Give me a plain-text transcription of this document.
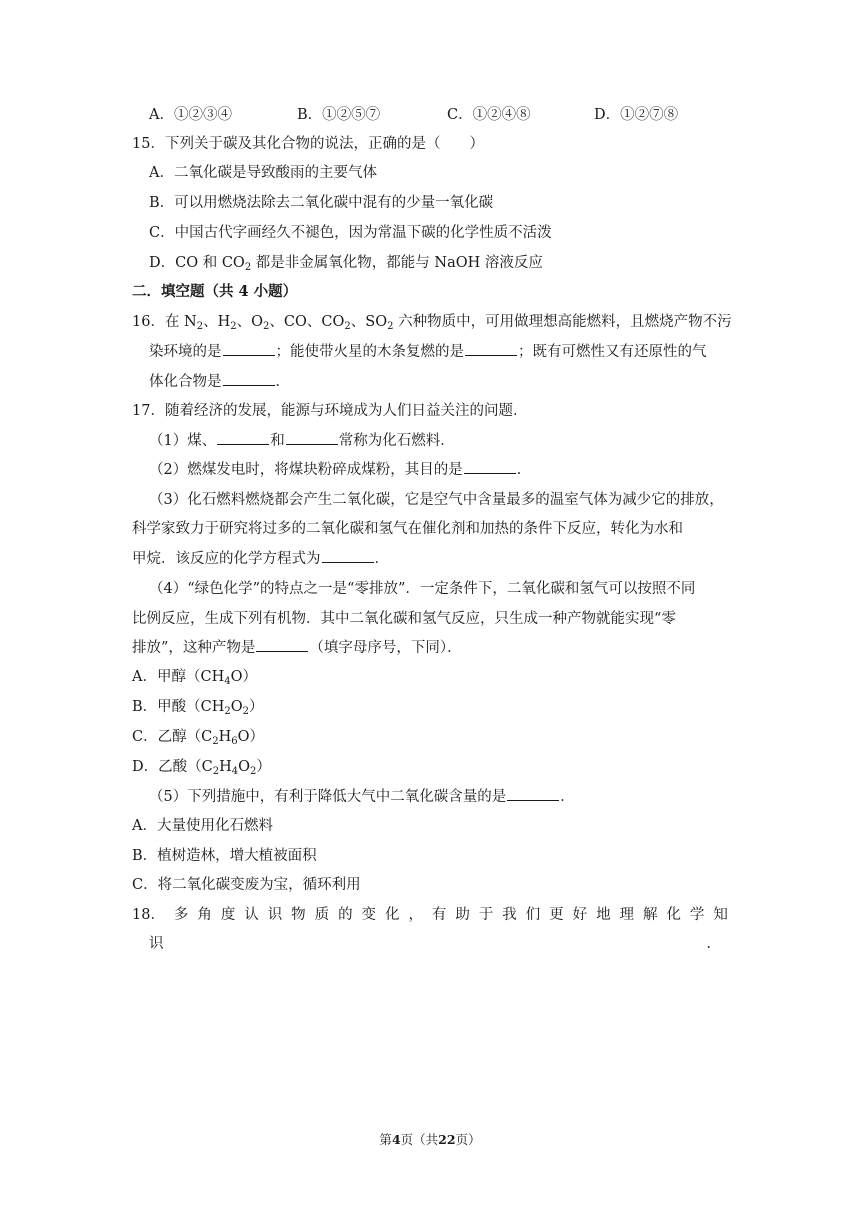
A．①②③④	B．①②⑤⑦	C．①②④⑧	D．①②⑦⑧
15．下列关于碳及其化合物的说法，正确的是（　　）
A．二氧化碳是导致酸雨的主要气体
B．可以用燃烧法除去二氧化碳中混有的少量一氧化碳
C．中国古代字画经久不褪色，因为常温下碳的化学性质不活泼
D．CO 和 $CO_2$ 都是非金属氧化物，都能与 NaOH 溶液反应
二．填空题（共 4 小题）
16．在 $N_2$、$H_2$、$O_2$、CO、$CO_2$、$SO_2$ 六种物质中，可用做理想高能燃料，且燃烧产物不污
染环境的是	；能使带火星的木条复燃的是	；既有可燃性又有还原性的气
体化合物是	．
17．随着经济的发展，能源与环境成为人们日益关注的问题．
（1）煤、	和	常称为化石燃料．
（2）燃煤发电时，将煤块粉碎成煤粉，其目的是	．
（3）化石燃料燃烧都会产生二氧化碳，它是空气中含量最多的温室气体为减少它的排放，
科学家致力于研究将过多的二氧化碳和氢气在催化剂和加热的条件下反应，转化为水和
甲烷．该反应的化学方程式为	．
（4）“绿色化学”的特点之一是“零排放”．一定条件下，二氧化碳和氢气可以按照不同
比例反应，生成下列有机物．其中二氧化碳和氢气反应，只生成一种产物就能实现“零
排放”，这种产物是	（填字母序号，下同）．
A．甲醇$(CH_4O)$
B．甲酸$(CH_2O_2)$
C．乙醇$(C_2H_6O)$
D．乙酸$(C_2H_4O_2)$
（5）下列措施中，有利于降低大气中二氧化碳含量的是	．
A．大量使用化石燃料
B．植树造林，增大植被面积
C．将二氧化碳变废为宝，循环利用
18． 多 角 度 认 识 物 质 的 变 化 ， 有 助 于 我 们 更 好 地 理 解 化 学 知
识	．
第4页（共22页）
